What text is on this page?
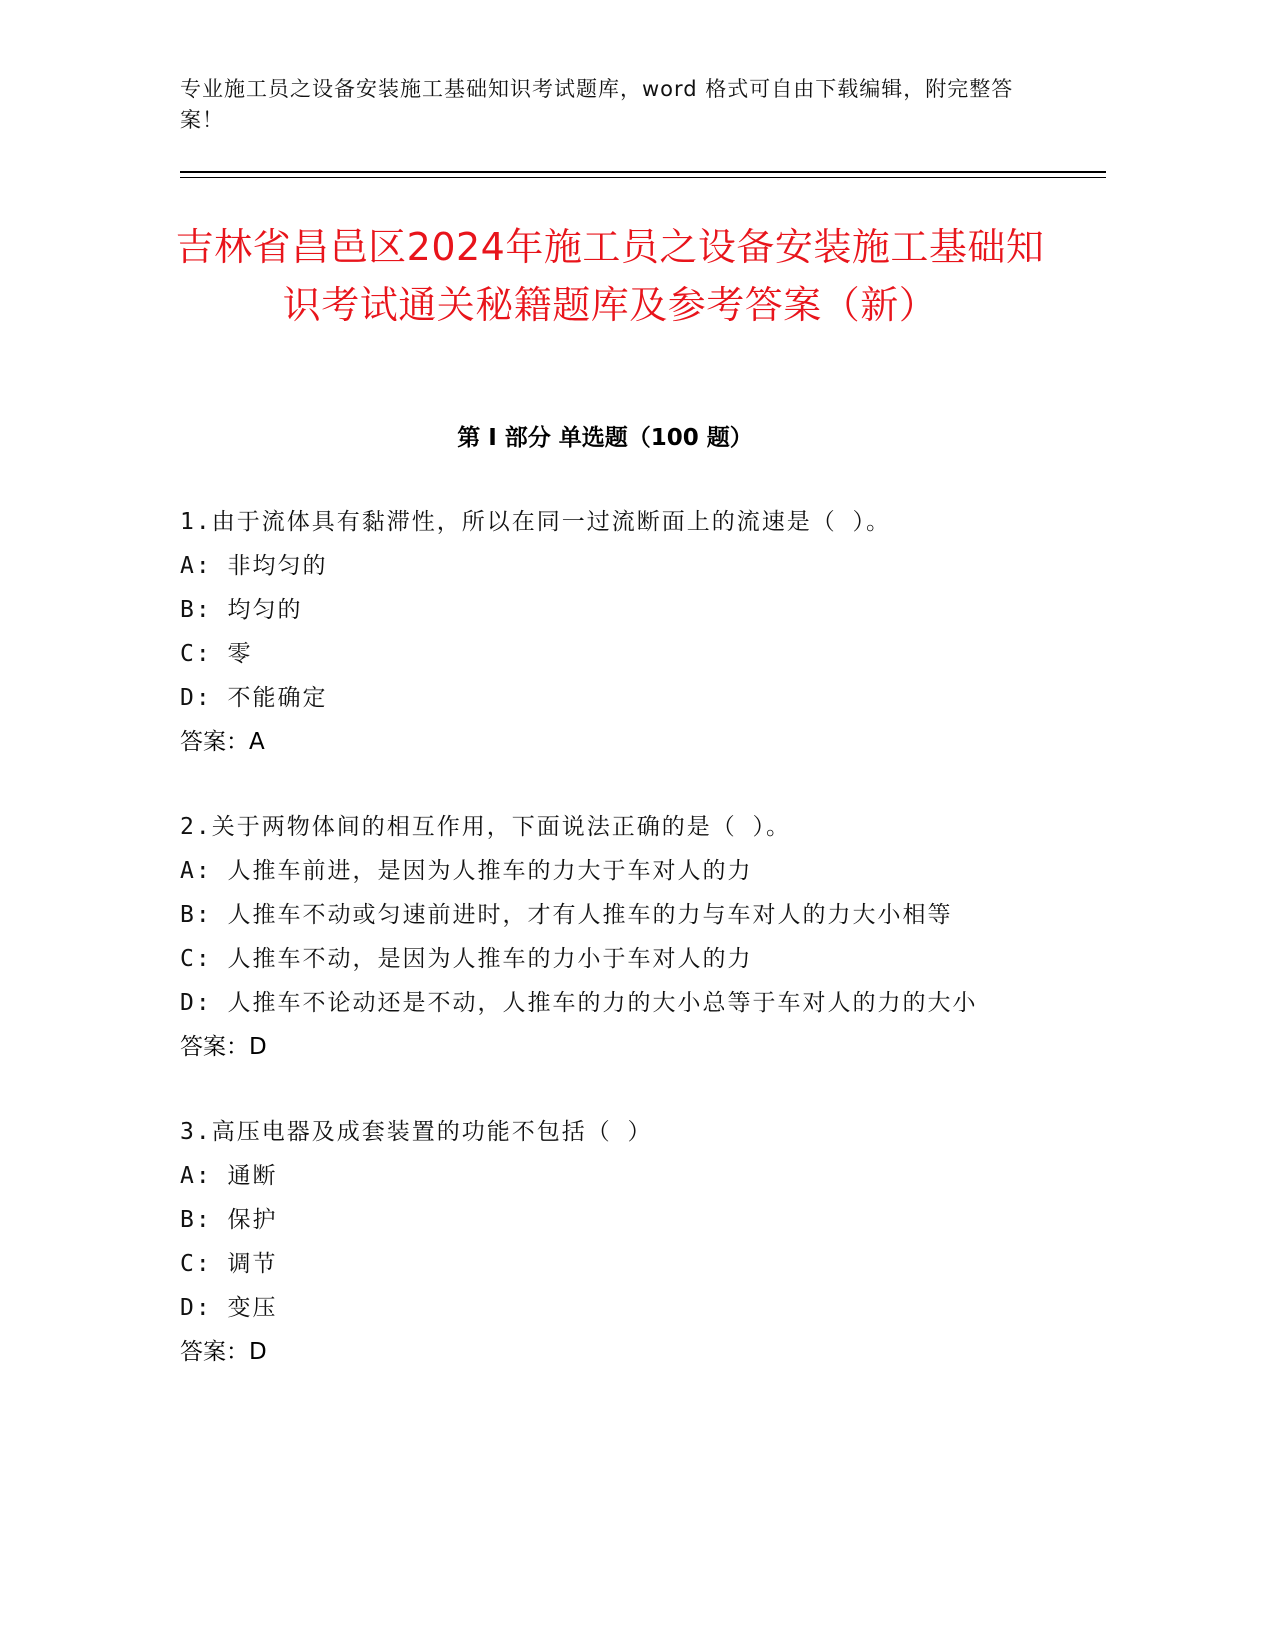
专业施工员之设备安装施工基础知识考试题库，word 格式可自由下载编辑，附完整答案！
吉林省昌邑区2024年施工员之设备安装施工基础知识考试通关秘籍题库及参考答案（新）
第 I 部分 单选题（100 题）
1.由于流体具有黏滞性，所以在同一过流断面上的流速是（ ）。
A: 非均匀的
B: 均匀的
C: 零
D: 不能确定
答案：A
2.关于两物体间的相互作用，下面说法正确的是（ ）。
A: 人推车前进，是因为人推车的力大于车对人的力
B: 人推车不动或匀速前进时，才有人推车的力与车对人的力大小相等
C: 人推车不动，是因为人推车的力小于车对人的力
D: 人推车不论动还是不动，人推车的力的大小总等于车对人的力的大小
答案：D
3.高压电器及成套装置的功能不包括（ ）
A: 通断
B: 保护
C: 调节
D: 变压
答案：D
